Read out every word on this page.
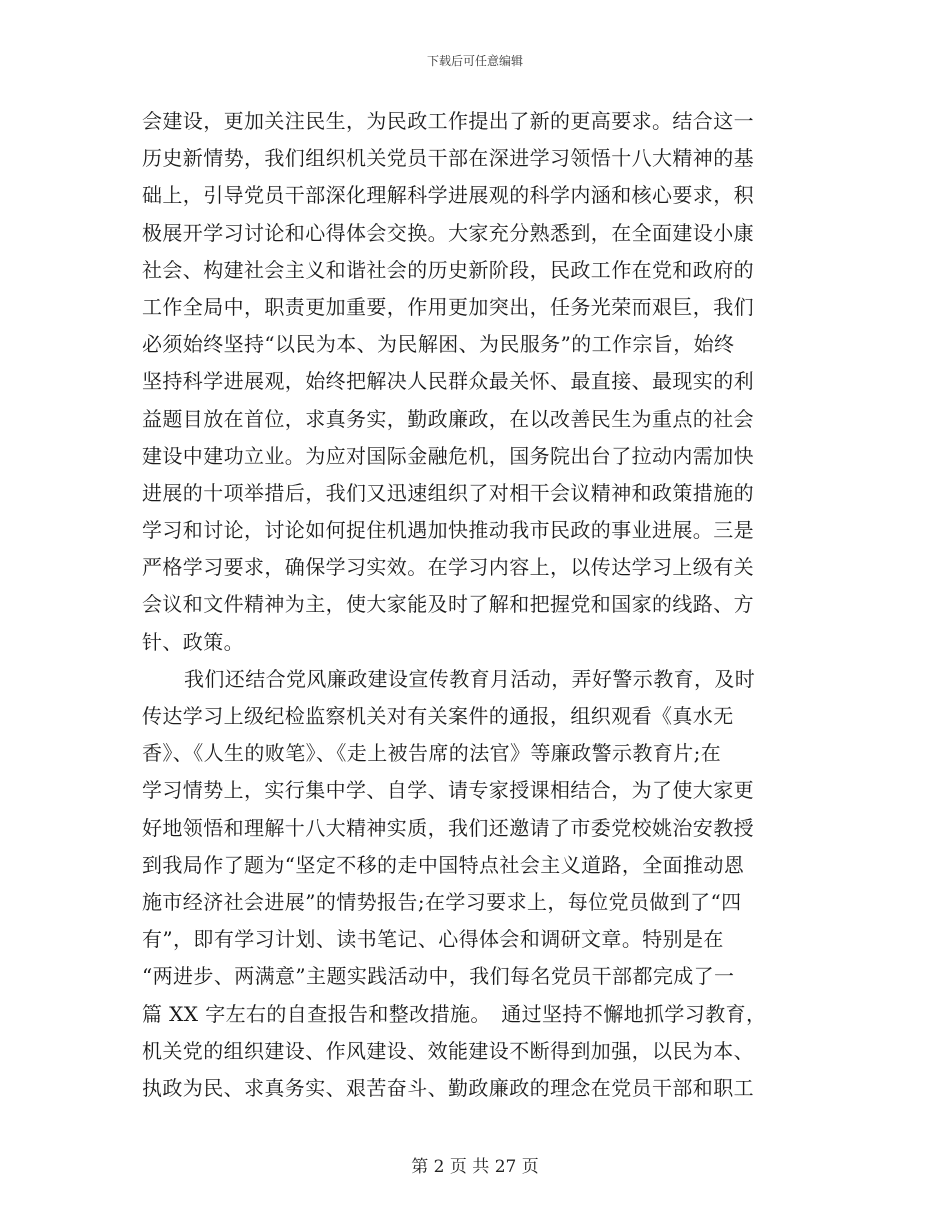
下载后可任意编辑
会建设，更加关注民生，为民政工作提出了新的更高要求。结合这一
历史新情势，我们组织机关党员干部在深进学习领悟十八大精神的基
础上，引导党员干部深化理解科学进展观的科学内涵和核心要求，积
极展开学习讨论和心得体会交换。大家充分熟悉到，在全面建设小康
社会、构建社会主义和谐社会的历史新阶段，民政工作在党和政府的
工作全局中，职责更加重要，作用更加突出，任务光荣而艰巨，我们
必须始终坚持“以民为本、为民解困、为民服务”的工作宗旨，始终
坚持科学进展观，始终把解决人民群众最关怀、最直接、最现实的利
益题目放在首位，求真务实，勤政廉政，在以改善民生为重点的社会
建设中建功立业。为应对国际金融危机，国务院出台了拉动内需加快
进展的十项举措后，我们又迅速组织了对相干会议精神和政策措施的
学习和讨论，讨论如何捉住机遇加快推动我市民政的事业进展。三是
严格学习要求，确保学习实效。在学习内容上，以传达学习上级有关
会议和文件精神为主，使大家能及时了解和把握党和国家的线路、方
针、政策。
我们还结合党风廉政建设宣传教育月活动，弄好警示教育，及时
传达学习上级纪检监察机关对有关案件的通报，组织观看《真水无
香》、《人生的败笔》、《走上被告席的法官》等廉政警示教育片;在
学习情势上，实行集中学、自学、请专家授课相结合，为了使大家更
好地领悟和理解十八大精神实质，我们还邀请了市委党校姚治安教授
到我局作了题为“坚定不移的走中国特点社会主义道路，全面推动恩
施市经济社会进展”的情势报告;在学习要求上，每位党员做到了“四
有”，即有学习计划、读书笔记、心得体会和调研文章。特别是在
“两进步、两满意”主题实践活动中，我们每名党员干部都完成了一
篇 XX 字左右的自查报告和整改措施。　通过坚持不懈地抓学习教育，
机关党的组织建设、作风建设、效能建设不断得到加强，以民为本、
执政为民、求真务实、艰苦奋斗、勤政廉政的理念在党员干部和职工
第 2 页 共 27 页
